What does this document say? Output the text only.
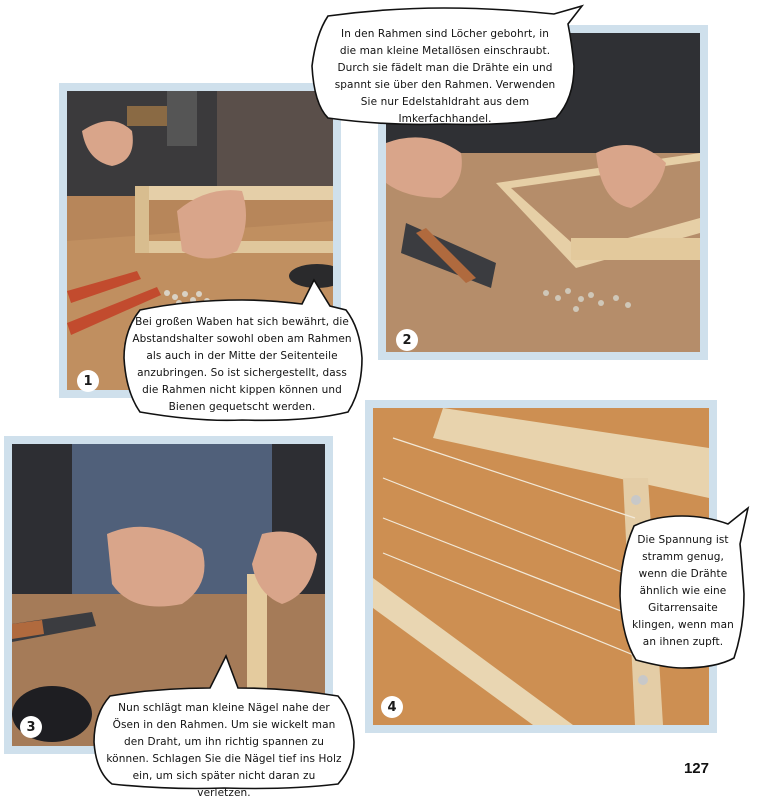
1
2
3
4
In den Rahmen sind Löcher gebohrt, in die man kleine Metallösen einschraubt. Durch sie fädelt man die Drähte ein und spannt sie über den Rahmen. Verwenden Sie nur Edelstahldraht aus dem Imkerfachhandel.
Bei großen Waben hat sich bewährt, die Abstandshalter sowohl oben am Rahmen als auch in der Mitte der Seitenteile anzubringen. So ist sichergestellt, dass die Rahmen nicht kippen können und Bienen gequetscht werden.
Nun schlägt man kleine Nägel nahe der Ösen in den Rahmen. Um sie wickelt man den Draht, um ihn richtig spannen zu können. Schlagen Sie die Nägel tief ins Holz ein, um sich später nicht daran zu verletzen.
Die Spannung ist stramm genug, wenn die Drähte ähnlich wie eine Gitarrensaite klingen, wenn man an ihnen zupft.
127
